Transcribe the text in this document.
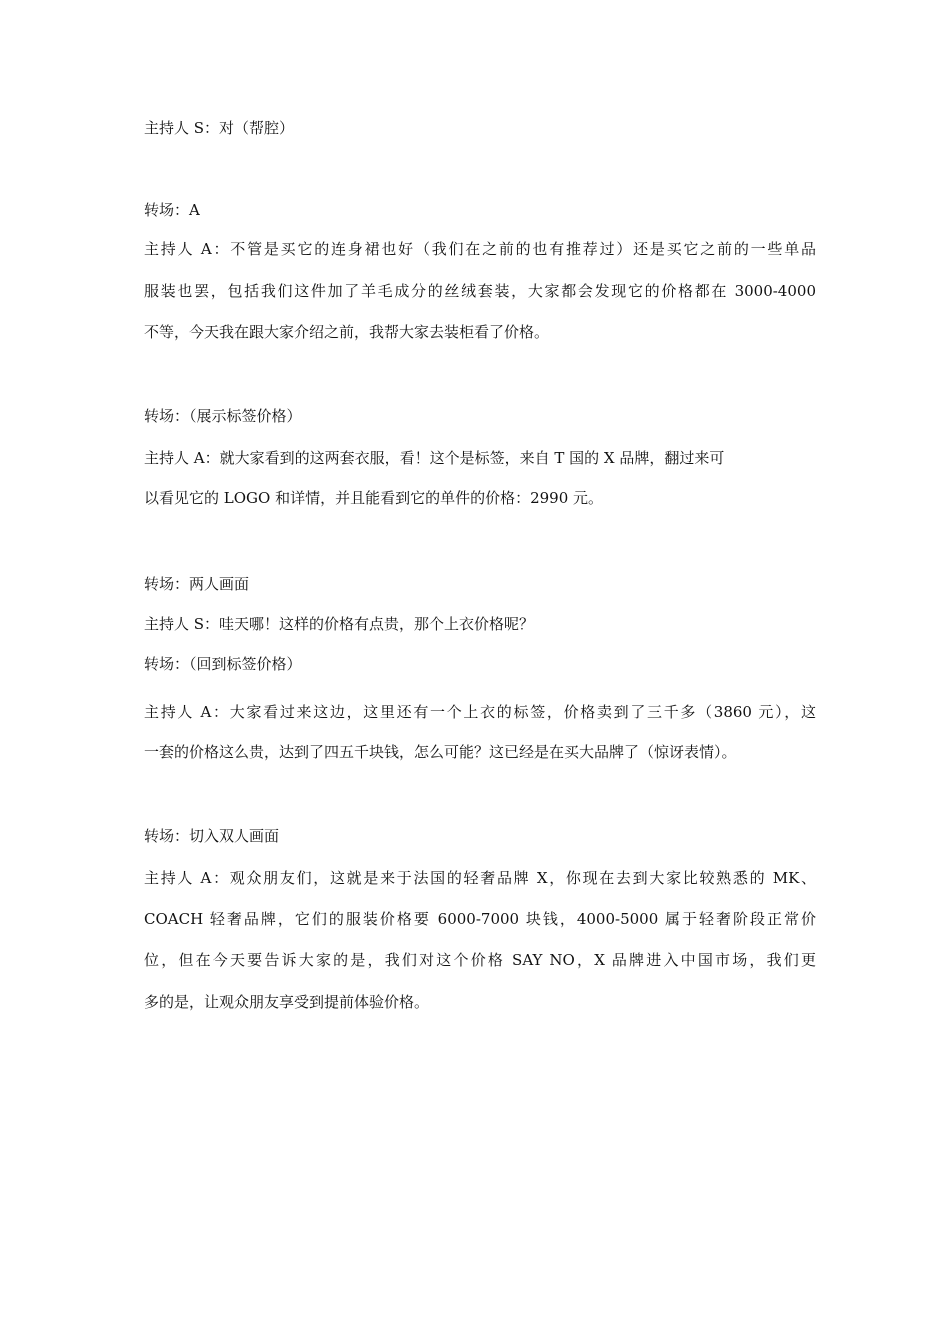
主持人 S：对（帮腔）
转场：A
主持人 A：不管是买它的连身裙也好（我们在之前的也有推荐过）还是买它之前的一些单品
服装也罢，包括我们这件加了羊毛成分的丝绒套装，大家都会发现它的价格都在 3000-4000
不等，今天我在跟大家介绍之前，我帮大家去装柜看了价格。
转场：（展示标签价格）
主持人 A：就大家看到的这两套衣服，看！这个是标签，来自 T 国的 X 品牌，翻过来可
以看见它的 LOGO 和详情，并且能看到它的单件的价格：2990 元。
转场：两人画面
主持人 S：哇天哪！这样的价格有点贵，那个上衣价格呢？
转场：（回到标签价格）
主持人 A：大家看过来这边，这里还有一个上衣的标签，价格卖到了三千多（3860 元），这
一套的价格这么贵，达到了四五千块钱，怎么可能？这已经是在买大品牌了（惊讶表情）。
转场：切入双人画面
主持人 A：观众朋友们，这就是来于法国的轻奢品牌 X，你现在去到大家比较熟悉的 MK、
COACH 轻奢品牌，它们的服装价格要 6000-7000 块钱，4000-5000 属于轻奢阶段正常价
位，但在今天要告诉大家的是，我们对这个价格 SAY NO，X 品牌进入中国市场，我们更
多的是，让观众朋友享受到提前体验价格。
